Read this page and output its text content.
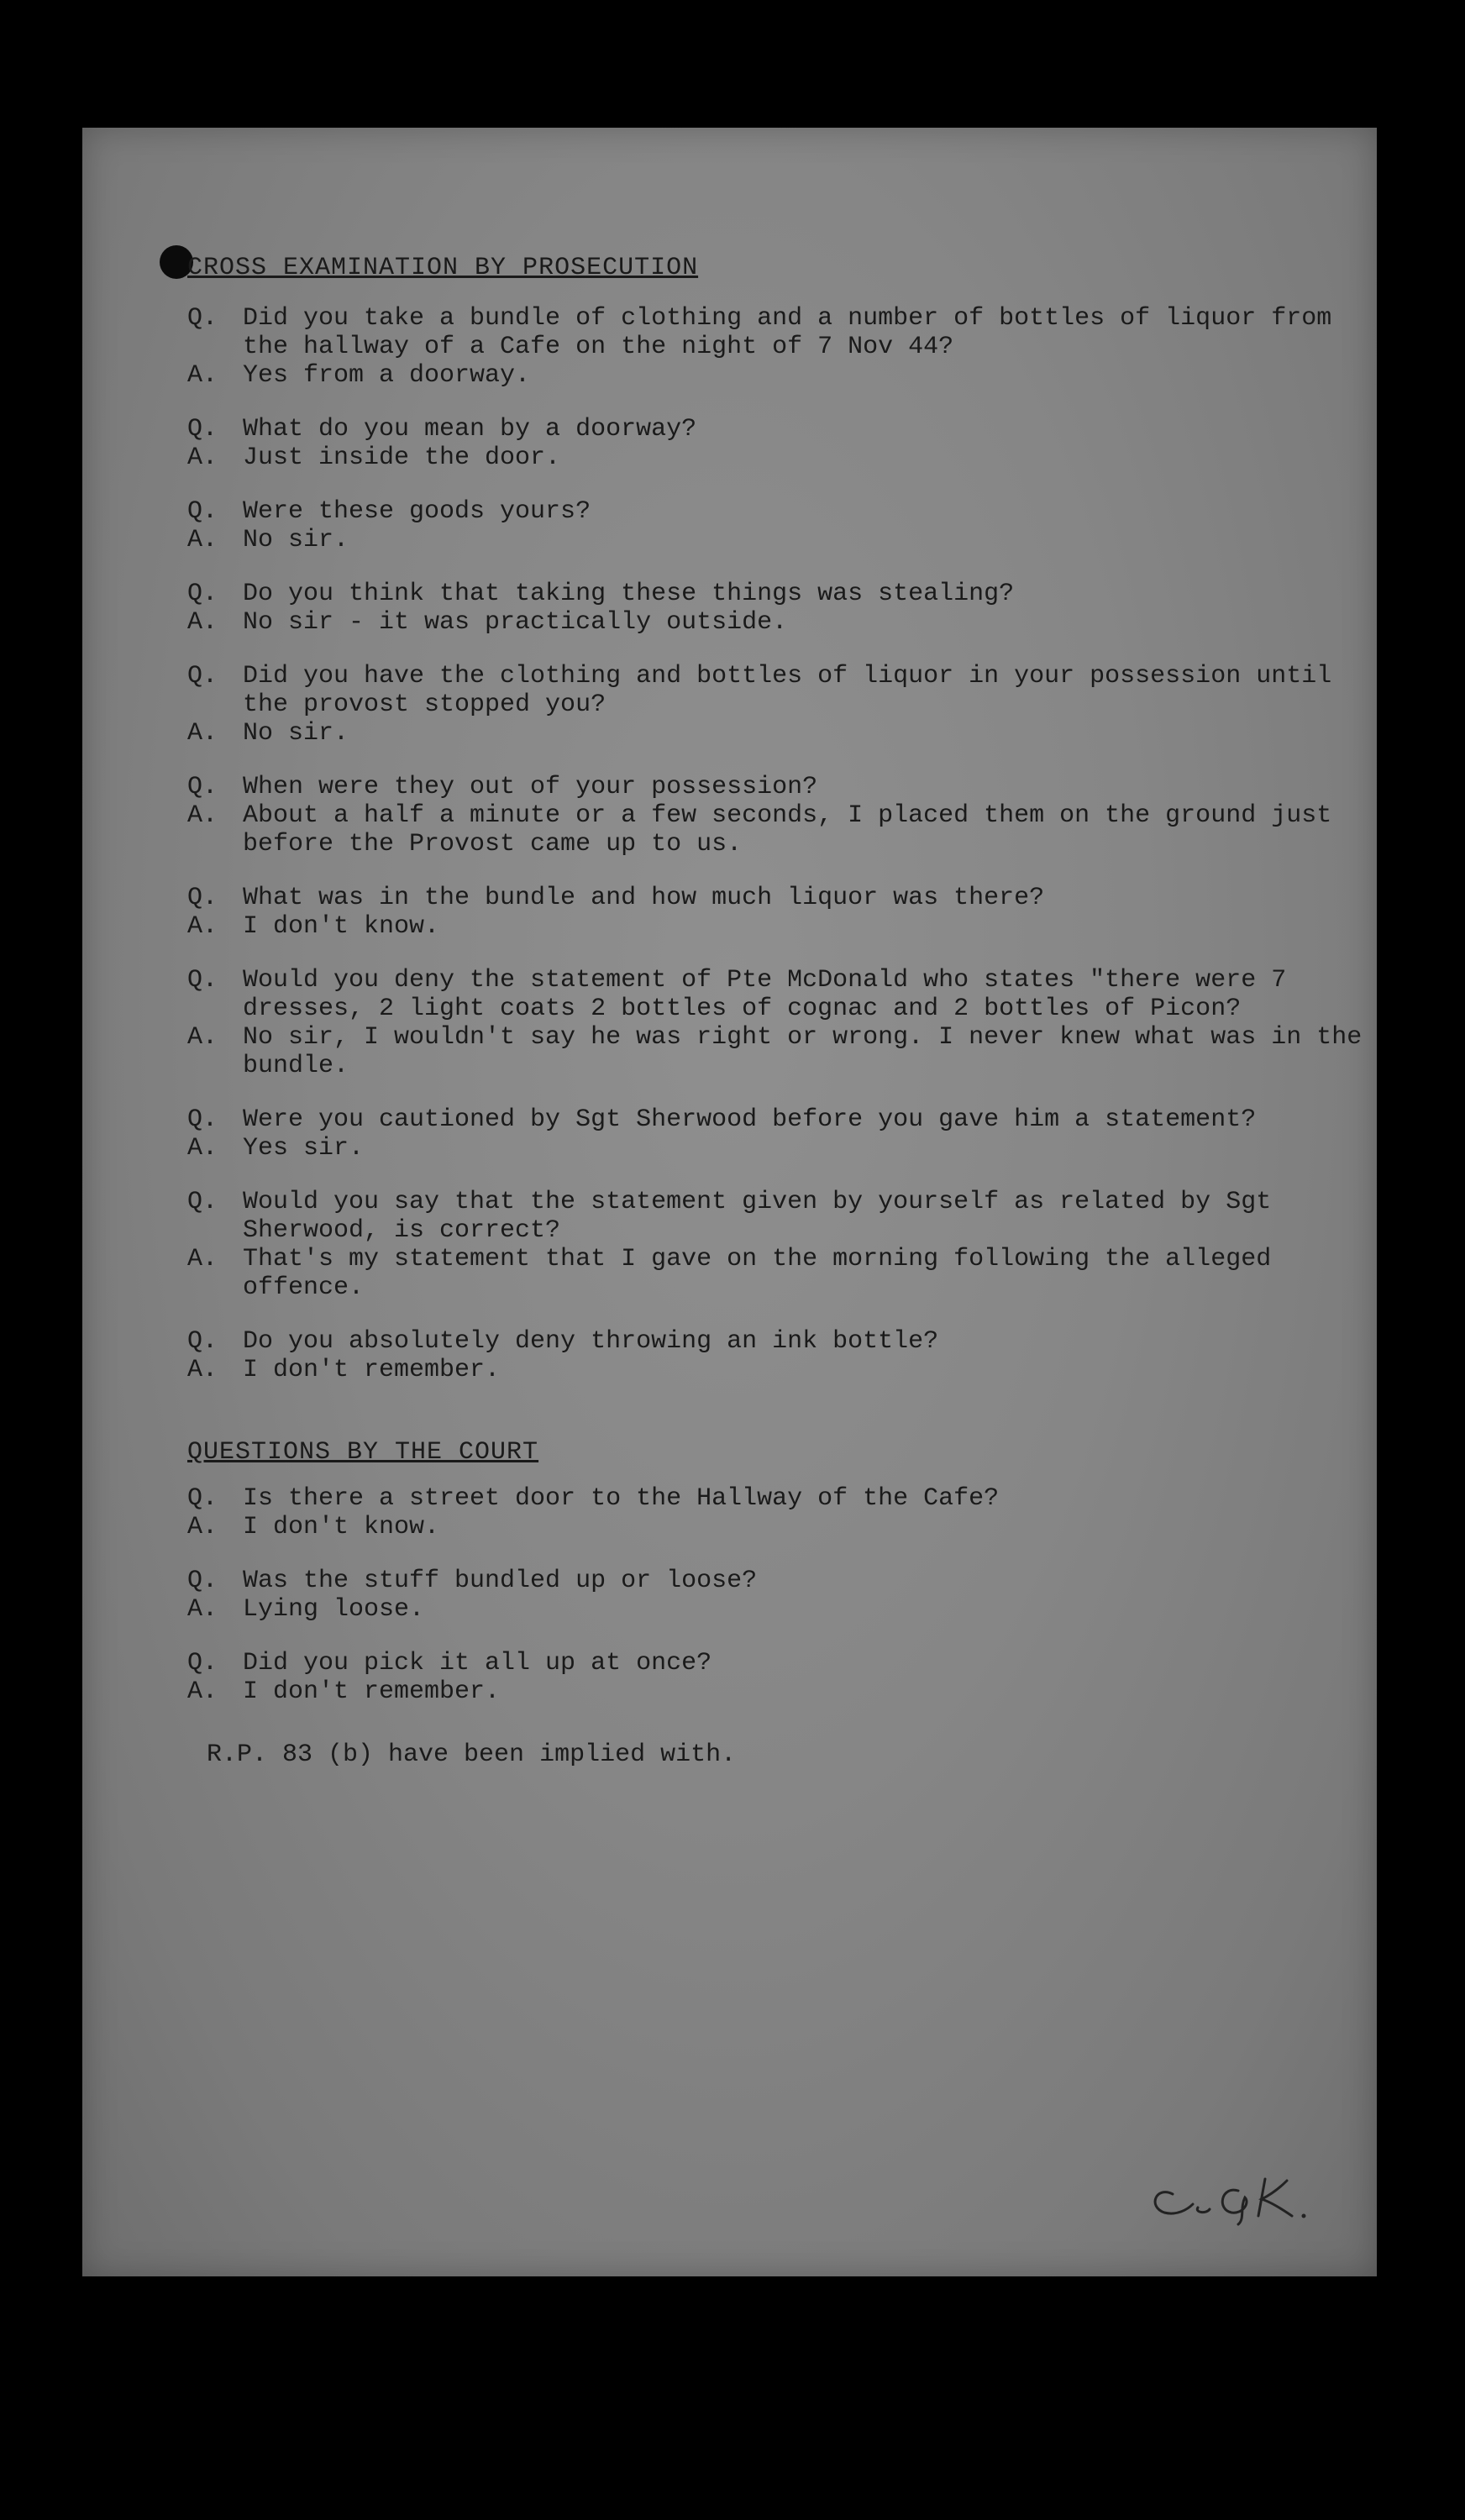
CROSS EXAMINATION BY PROSECUTION
Q. Did you take a bundle of clothing and a number of bottles of liquor from the hallway of a Cafe on the night of 7 Nov 44?
A. Yes from a doorway.
Q. What do you mean by a doorway?
A. Just inside the door.
Q. Were these goods yours?
A. No sir.
Q. Do you think that taking these things was stealing?
A. No sir - it was practically outside.
Q. Did you have the clothing and bottles of liquor in your possession until the provost stopped you?
A. No sir.
Q. When were they out of your possession?
A. About a half a minute or a few seconds, I placed them on the ground just before the Provost came up to us.
Q. What was in the bundle and how much liquor was there?
A. I don't know.
Q. Would you deny the statement of Pte McDonald who states "there were 7 dresses, 2 light coats 2 bottles of cognac and 2 bottles of Picon?
A. No sir, I wouldn't say he was right or wrong. I never knew what was in the bundle.
Q. Were you cautioned by Sgt Sherwood before you gave him a statement?
A. Yes sir.
Q. Would you say that the statement given by yourself as related by Sgt Sherwood, is correct?
A. That's my statement that I gave on the morning following the alleged offence.
Q. Do you absolutely deny throwing an ink bottle?
A. I don't remember.
QUESTIONS BY THE COURT
Q. Is there a street door to the Hallway of the Cafe?
A. I don't know.
Q. Was the stuff bundled up or loose?
A. Lying loose.
Q. Did you pick it all up at once?
A. I don't remember.

R.P. 83 (b) have been implied with.
